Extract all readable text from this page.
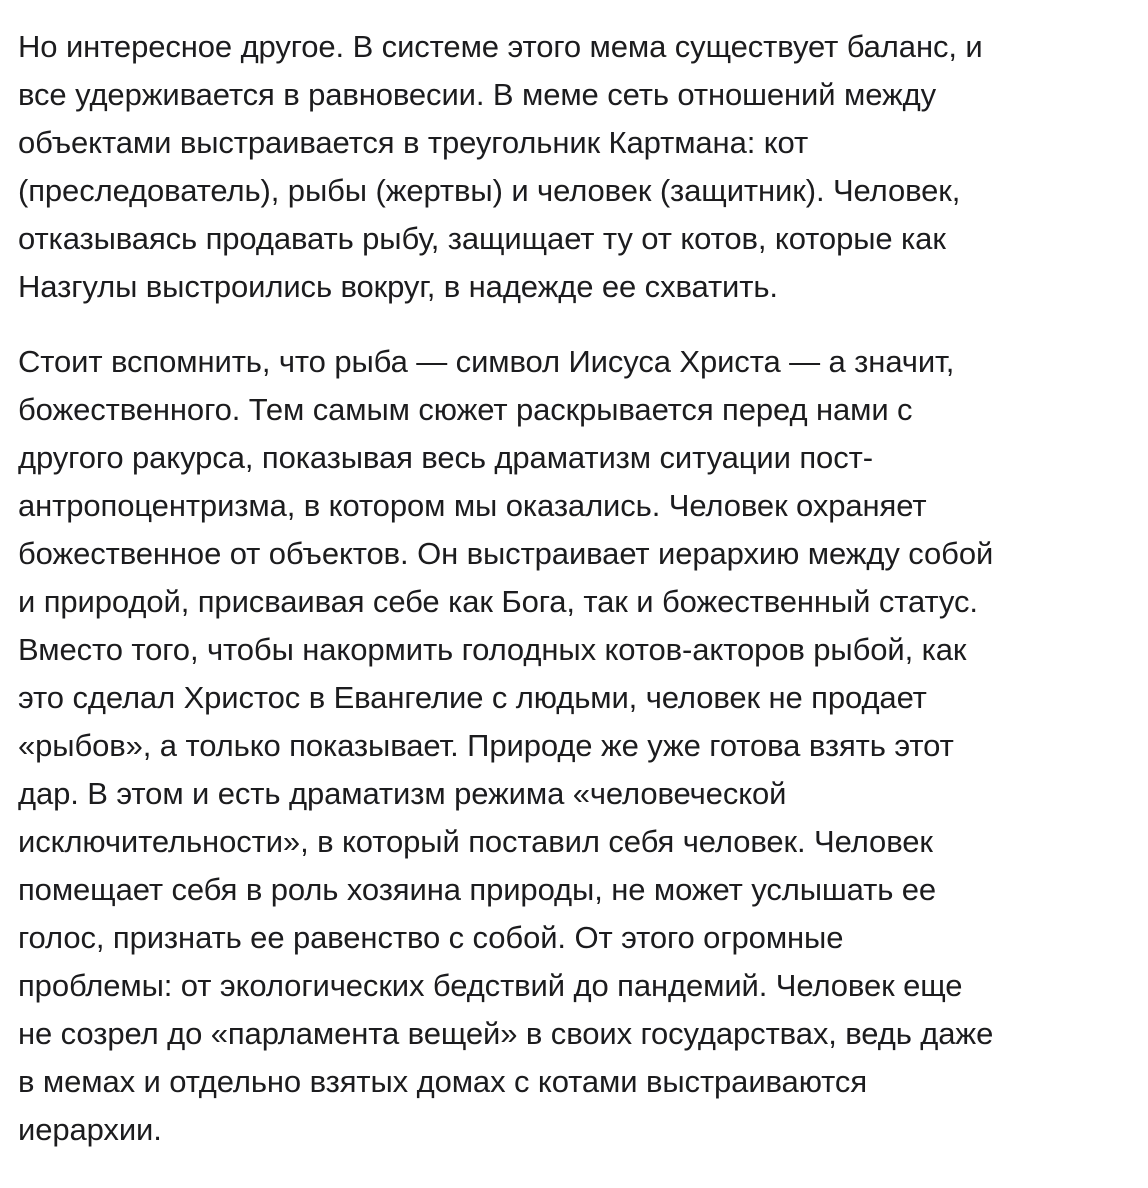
Но интересное другое. В системе этого мема существует баланс, и
все удерживается в равновесии. В меме сеть отношений между
объектами выстраивается в треугольник Картмана: кот
(преследователь), рыбы (жертвы) и человек (защитник). Человек,
отказываясь продавать рыбу, защищает ту от котов, которые как
Назгулы выстроились вокруг, в надежде ее схватить.

Стоит вспомнить, что рыба — символ Иисуса Христа — а значит,
божественного. Тем самым сюжет раскрывается перед нами с
другого ракурса, показывая весь драматизм ситуации пост-
антропоцентризма, в котором мы оказались. Человек охраняет
божественное от объектов. Он выстраивает иерархию между собой
и природой, присваивая себе как Бога, так и божественный статус.
Вместо того, чтобы накормить голодных котов-акторов рыбой, как
это сделал Христос в Евангелие с людьми, человек не продает
«рыбов», а только показывает. Природе же уже готова взять этот
дар. В этом и есть драматизм режима «человеческой
исключительности», в который поставил себя человек. Человек
помещает себя в роль хозяина природы, не может услышать ее
голос, признать ее равенство с собой. От этого огромные
проблемы: от экологических бедствий до пандемий. Человек еще
не созрел до «парламента вещей» в своих государствах, ведь даже
в мемах и отдельно взятых домах с котами выстраиваются
иерархии.
